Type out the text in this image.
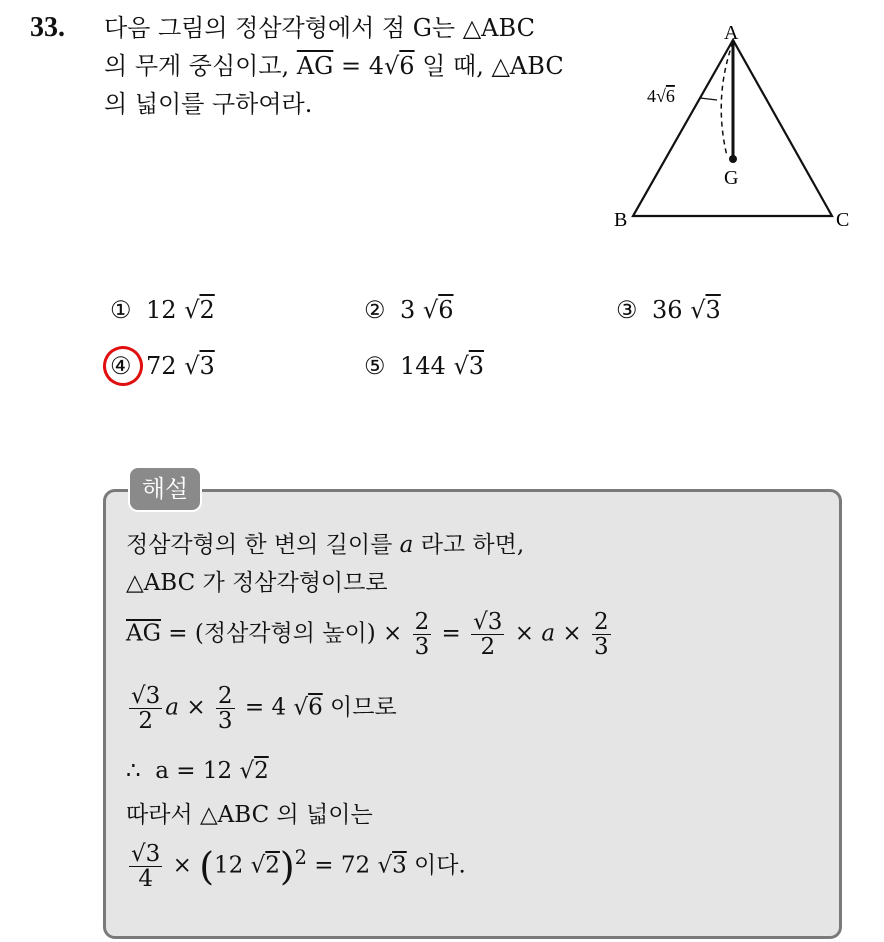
33. 다음 그림의 정삼각형에서 점 G는 △ABC
의 무게 중심이고, $\overline{AG} = 4√6$ 일 때, △ABC
의 넓이를 구하여라.
A
B	C
G
4√6
① 12 √2	② 3 √6	③ 36 √3
④ 72 √3	⑤ 144 √3
해설
정삼각형의 한 변의 길이를 a 라고 하면,
△ABC 가 정삼각형이므로
$\overline{AG}$ = (정삼각형의 높이) × $\frac{2}{3} = \frac{√3}{2} \times a \times \frac{2}{3}$
$\frac{√3}{2}$ $a \times \frac{2}{3} = 4$ √6 이므로
∴ a = 12 √2
따라서 △ABC 의 넓이는
$\frac{√3}{4} \times (12$ √2)$^2$ = 72 √3 이다.
